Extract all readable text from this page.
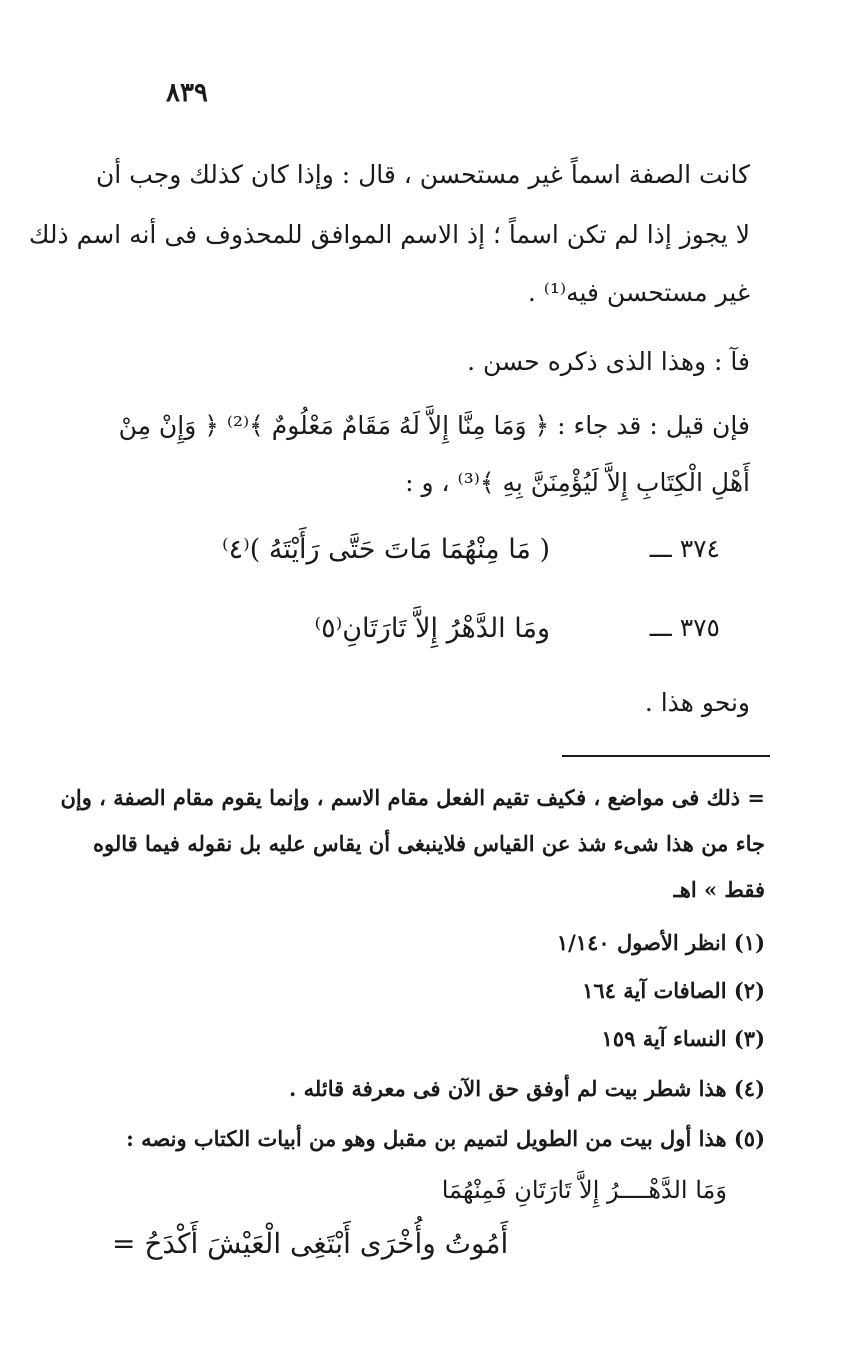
٨٣٩
كانت الصفة اسماً غير مستحسن ، قال : وإذا كان كذلك وجب أن
لا يجوز إذا لم تكن اسماً ؛ إذ الاسم الموافق للمحذوف فى أنه اسم ذلك
غير مستحسن فيه⁽¹⁾ .
فآ : وهذا الذى ذكره حسن .
فإن قيل : قد جاء : ﴿ وَمَا مِنَّا إِلاَّ لَهُ مَقَامٌ مَعْلُومٌ ﴾⁽²⁾ ﴿ وَإِنْ مِنْ
أَهْلِ الْكِتَابِ إِلاَّ لَيُؤْمِنَنَّ بِهِ ﴾⁽³⁾ ، و :
٣٧٤ ـــ
( مَا مِنْهُمَا مَاتَ حَتَّى رَأَيْتَهُ )⁽٤⁾
٣٧٥ ـــ
ومَا الدَّهْرُ إِلاَّ تَارَتَانِ⁽٥⁾
ونحو هذا .
= ذلك فى مواضع ، فكيف تقيم الفعل مقام الاسم ، وإنما يقوم مقام الصفة ، وإن
جاء من هذا شىء شذ عن القياس فلاينبغى أن يقاس عليه بل نقوله فيما قالوه
فقط » اهـ
(١) انظر الأصول ١/١٤٠
(٢) الصافات آية ١٦٤
(٣) النساء آية ١٥٩
(٤) هذا شطر بيت لم أوفق حق الآن فى معرفة قائله .
(٥) هذا أول بيت من الطويل لتميم بن مقبل وهو من أبيات الكتاب ونصه :
وَمَا الدَّهْــــرُ إِلاَّ تَارَتَانِ فَمِنْهُمَا
أَمُوتُ وأُخْرَى أَبْتَغِى الْعَيْشَ أَكْدَحُ =
